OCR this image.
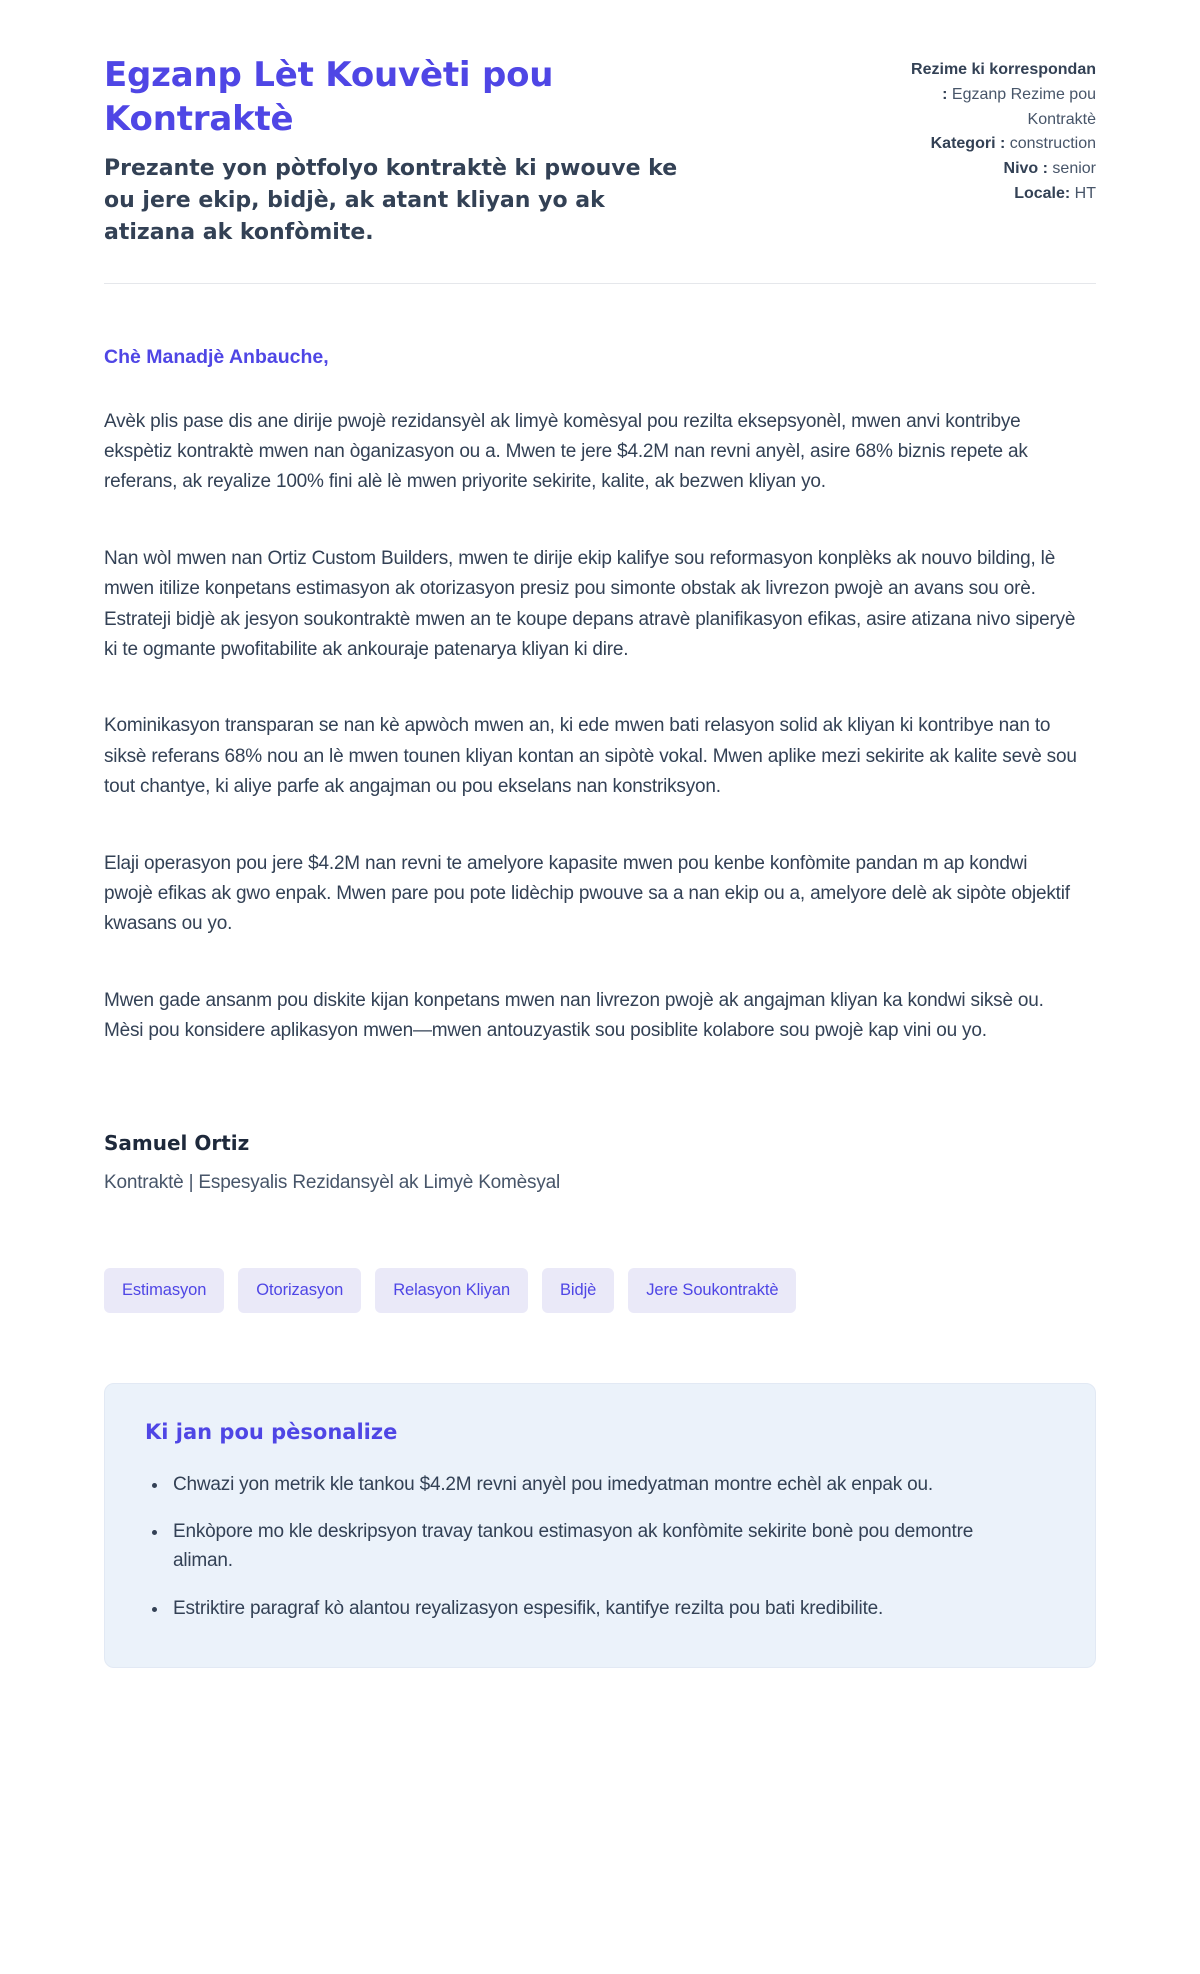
Egzanp Lèt Kouvèti pou Kontraktè

Prezante yon pòtfolyo kontraktè ki pwouve ke ou jere ekip, bidjè, ak atant kliyan yo ak atizana ak konfòmite.

Rezime ki korrespondan : Egzanp Rezime pou Kontraktè
Kategori : construction
Nivo : senior
Locale: HT
Chè Manadjè Anbauche,

Avèk plis pase dis ane dirije pwojè rezidansyèl ak limyè komèsyal pou rezilta eksepsyonèl, mwen anvi kontribye ekspètiz kontraktè mwen nan òganizasyon ou a. Mwen te jere $4.2M nan revni anyèl, asire 68% biznis repete ak referans, ak reyalize 100% fini alè lè mwen priyorite sekirite, kalite, ak bezwen kliyan yo.

Nan wòl mwen nan Ortiz Custom Builders, mwen te dirije ekip kalifye sou reformasyon konplèks ak nouvo bilding, lè mwen itilize konpetans estimasyon ak otorizasyon presiz pou simonte obstak ak livrezon pwojè an avans sou orè. Estrateji bidjè ak jesyon soukontraktè mwen an te koupe depans atravè planifikasyon efikas, asire atizana nivo siperyè ki te ogmante pwofitabilite ak ankouraje patenarya kliyan ki dire.

Kominikasyon transparan se nan kè apwòch mwen an, ki ede mwen bati relasyon solid ak kliyan ki kontribye nan to siksè referans 68% nou an lè mwen tounen kliyan kontan an sipòtè vokal. Mwen aplike mezi sekirite ak kalite sevè sou tout chantye, ki aliye parfe ak angajman ou pou ekselans nan konstriksyon.

Elaji operasyon pou jere $4.2M nan revni te amelyore kapasite mwen pou kenbe konfòmite pandan m ap kondwi pwojè efikas ak gwo enpak. Mwen pare pou pote lidèchip pwouve sa a nan ekip ou a, amelyore delè ak sipòte objektif kwasans ou yo.

Mwen gade ansanm pou diskite kijan konpetans mwen nan livrezon pwojè ak angajman kliyan ka kondwi siksè ou. Mèsi pou konsidere aplikasyon mwen—mwen antouzyastik sou posiblite kolabore sou pwojè kap vini ou yo.

Samuel Ortiz
Kontraktè | Espesyalis Rezidansyèl ak Limyè Komèsyal
Estimasyon	Otorizasyon	Relasyon Kliyan	Bidjè	Jere Soukontraktè
Ki jan pou pèsonalize
• Chwazi yon metrik kle tankou $4.2M revni anyèl pou imedyatman montre echèl ak enpak ou.
• Enkòpore mo kle deskripsyon travay tankou estimasyon ak konfòmite sekirite bonè pou demontre aliman.
• Estriktire paragraf kò alantou reyalizasyon espesifik, kantifye rezilta pou bati kredibilite.
